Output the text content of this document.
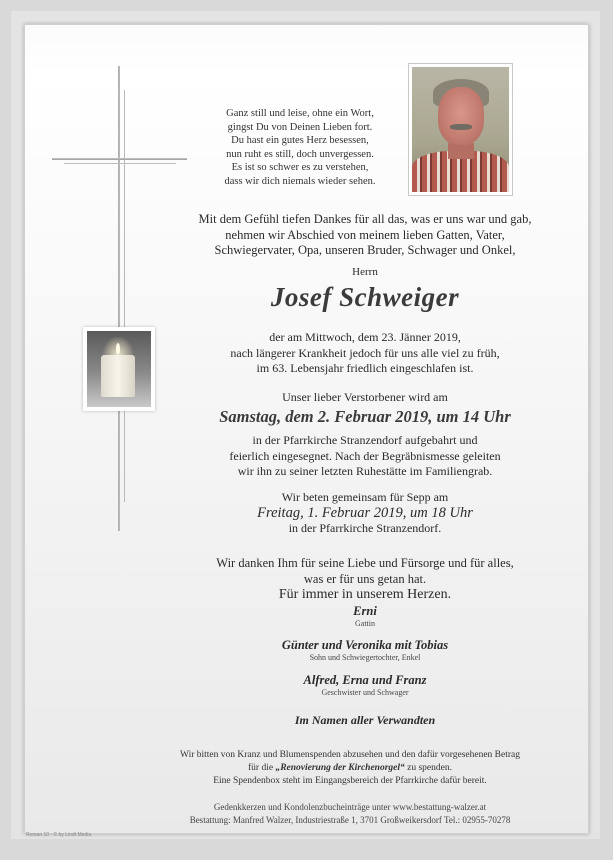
Ganz still und leise, ohne ein Wort,
gingst Du von Deinen Lieben fort.
Du hast ein gutes Herz besessen,
nun ruht es still, doch unvergessen.
Es ist so schwer es zu verstehen,
dass wir dich niemals wieder sehen.
Mit dem Gefühl tiefen Dankes für all das, was er uns war und gab,
nehmen wir Abschied von meinem lieben Gatten, Vater,
Schwiegervater, Opa, unseren Bruder, Schwager und Onkel,
Herrn
Josef Schweiger
der am Mittwoch, dem 23. Jänner 2019,
nach längerer Krankheit jedoch für uns alle viel zu früh,
im 63. Lebensjahr friedlich eingeschlafen ist.
Unser lieber Verstorbener wird am
Samstag, dem 2. Februar 2019, um 14 Uhr
in der Pfarrkirche Stranzendorf aufgebahrt und
feierlich eingesegnet. Nach der Begräbnismesse geleiten
wir ihn zu seiner letzten Ruhestätte im Familiengrab.
Wir beten gemeinsam für Sepp am
Freitag, 1. Februar 2019, um 18 Uhr
in der Pfarrkirche Stranzendorf.
Wir danken Ihm für seine Liebe und Fürsorge und für alles,
was er für uns getan hat.
Für immer in unserem Herzen.
Erni
Gattin
Günter und Veronika mit Tobias
Sohn und Schwiegertochter, Enkel
Alfred, Erna und Franz
Geschwister und Schwager
Im Namen aller Verwandten
Wir bitten von Kranz und Blumenspenden abzusehen und den dafür vorgesehenen Betrag
für die „Renovierung der Kirchenorgel“ zu spenden.
Eine Spendenbox steht im Eingangsbereich der Pfarrkirche dafür bereit.
Gedenkkerzen und Kondolenzbucheinträge unter www.bestattung-walzer.at
Bestattung: Manfred Walzer, Industriestraße 1, 3701 Großweikersdorf Tel.: 02955-70278
Roman 10 · © by Lindt Media
